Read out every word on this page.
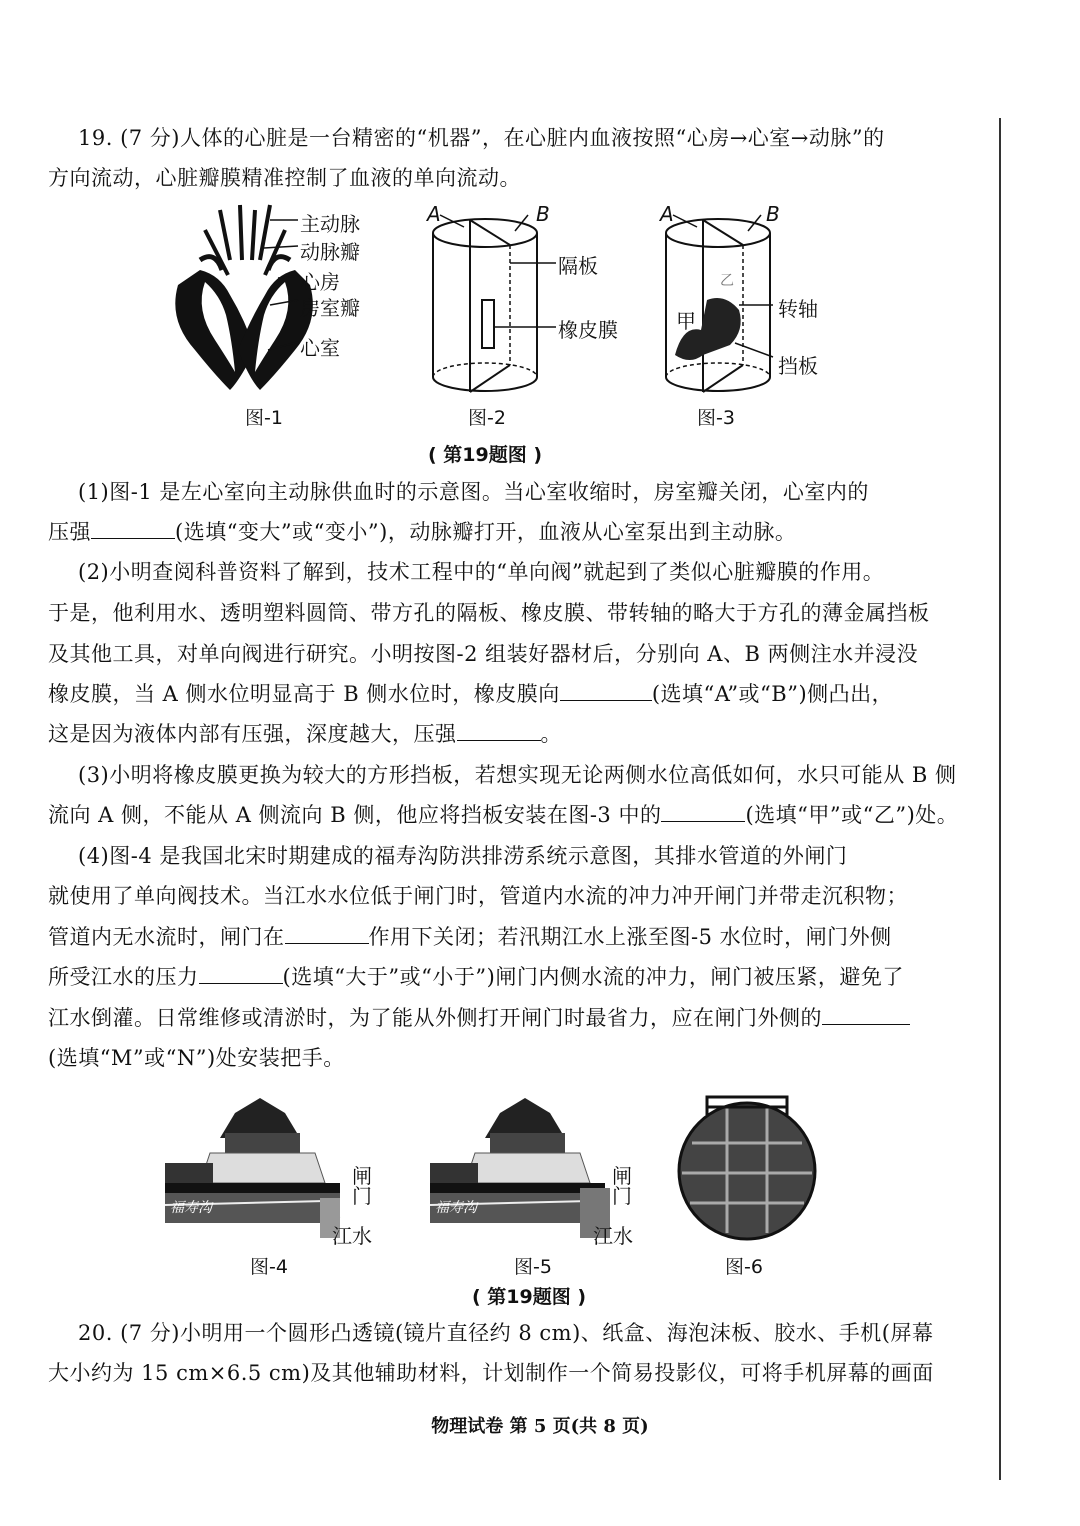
19. (7 分)人体的心脏是一台精密的“机器”，在心脏内血液按照“心房→心室→动脉”的
方向流动，心脏瓣膜精准控制了血液的单向流动。
主动脉
动脉瓣
心房
房室瓣
心室
A	B
隔板
橡皮膜
A	B
甲
乙
转轴
挡板
图-1	图-2	图-3
( 第19题图 )
(1)图-1 是左心室向主动脉供血时的示意图。当心室收缩时，房室瓣关闭，心室内的
压强	(选填“变大”或“变小”)，动脉瓣打开，血液从心室泵出到主动脉。
(2)小明查阅科普资料了解到，技术工程中的“单向阀”就起到了类似心脏瓣膜的作用。
于是，他利用水、透明塑料圆筒、带方孔的隔板、橡皮膜、带转轴的略大于方孔的薄金属挡板
及其他工具，对单向阀进行研究。小明按图-2 组装好器材后，分别向 A、B 两侧注水并浸没
橡皮膜，当 A 侧水位明显高于 B 侧水位时，橡皮膜向	(选填“A”或“B”)侧凸出，
这是因为液体内部有压强，深度越大，压强	。
(3)小明将橡皮膜更换为较大的方形挡板，若想实现无论两侧水位高低如何，水只可能从 B 侧
流向 A 侧，不能从 A 侧流向 B 侧，他应将挡板安装在图-3 中的	(选填“甲”或“乙”)处。
(4)图-4 是我国北宋时期建成的福寿沟防洪排涝系统示意图，其排水管道的外闸门
就使用了单向阀技术。当江水水位低于闸门时，管道内水流的冲力冲开闸门并带走沉积物；
管道内无水流时，闸门在	作用下关闭；若汛期江水上涨至图-5 水位时，闸门外侧
所受江水的压力	(选填“大于”或“小于”)闸门内侧水流的冲力，闸门被压紧，避免了
江水倒灌。日常维修或清淤时，为了能从外侧打开闸门时最省力，应在闸门外侧的
(选填“M”或“N”)处安装把手。
福寿沟
闸门
江水
福寿沟
闸门
江水
图-4	图-5	图-6
( 第19题图 )
20. (7 分)小明用一个圆形凸透镜(镜片直径约 8 cm)、纸盒、海泡沫板、胶水、手机(屏幕
大小约为 15 cm×6.5 cm)及其他辅助材料，计划制作一个简易投影仪，可将手机屏幕的画面
物理试卷 第 5 页(共 8 页)
